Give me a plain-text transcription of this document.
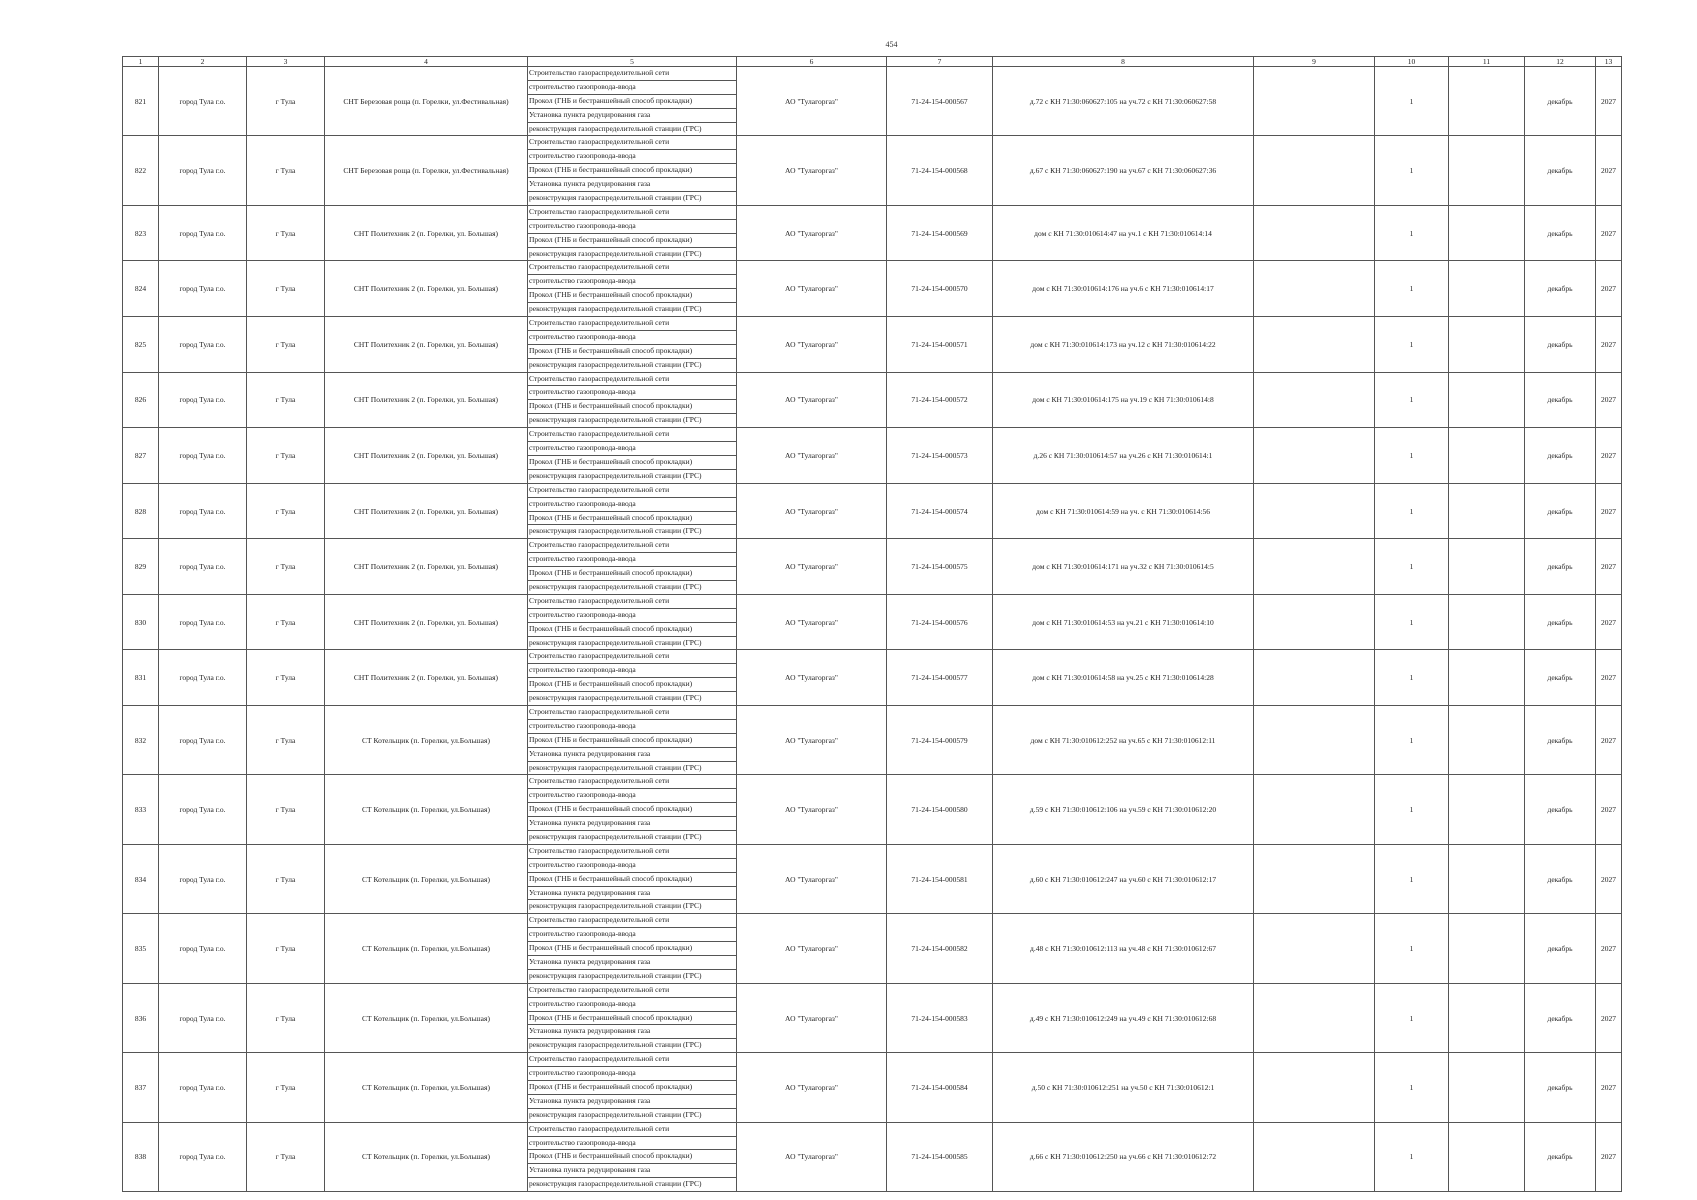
454
1	2	3	4	5	6	7	8	9	10	11	12	13
821	город Тула г.о.	г Тула	СНТ Березовая роща (п. Горелки, ул.Фестивальная)	Строительство газораспределительной сети
строительство газопровода-ввода
Прокол (ГНБ и бестраншейный способ прокладки)
Установка пункта редуцирования газа
реконструкция газораспределительной станции (ГРС)	АО "Тулагоргаз"	71-24-154-000567	д.72 с КН 71:30:060627:105 на уч.72 с КН 71:30:060627:58		1		декабрь	2027
822	город Тула г.о.	г Тула	СНТ Березовая роща (п. Горелки, ул.Фестивальная)	Строительство газораспределительной сети
строительство газопровода-ввода
Прокол (ГНБ и бестраншейный способ прокладки)
Установка пункта редуцирования газа
реконструкция газораспределительной станции (ГРС)	АО "Тулагоргаз"	71-24-154-000568	д.67 с КН 71:30:060627:190 на уч.67 с КН 71:30:060627:36		1		декабрь	2027
823	город Тула г.о.	г Тула	СНТ Политехник 2 (п. Горелки, ул. Большая)	Строительство газораспределительной сети
строительство газопровода-ввода
Прокол (ГНБ и бестраншейный способ прокладки)
реконструкция газораспределительной станции (ГРС)	АО "Тулагоргаз"	71-24-154-000569	дом с КН 71:30:010614:47 на уч.1 с КН 71:30:010614:14		1		декабрь	2027
824	город Тула г.о.	г Тула	СНТ Политехник 2 (п. Горелки, ул. Большая)	Строительство газораспределительной сети
строительство газопровода-ввода
Прокол (ГНБ и бестраншейный способ прокладки)
реконструкция газораспределительной станции (ГРС)	АО "Тулагоргаз"	71-24-154-000570	дом с КН 71:30:010614:176 на уч.6 с КН 71:30:010614:17		1		декабрь	2027
825	город Тула г.о.	г Тула	СНТ Политехник 2 (п. Горелки, ул. Большая)	Строительство газораспределительной сети
строительство газопровода-ввода
Прокол (ГНБ и бестраншейный способ прокладки)
реконструкция газораспределительной станции (ГРС)	АО "Тулагоргаз"	71-24-154-000571	дом с КН 71:30:010614:173 на уч.12 с КН 71:30:010614:22		1		декабрь	2027
826	город Тула г.о.	г Тула	СНТ Политехник 2 (п. Горелки, ул. Большая)	Строительство газораспределительной сети
строительство газопровода-ввода
Прокол (ГНБ и бестраншейный способ прокладки)
реконструкция газораспределительной станции (ГРС)	АО "Тулагоргаз"	71-24-154-000572	дом с КН 71:30:010614:175 на уч.19 с КН 71:30:010614:8		1		декабрь	2027
827	город Тула г.о.	г Тула	СНТ Политехник 2 (п. Горелки, ул. Большая)	Строительство газораспределительной сети
строительство газопровода-ввода
Прокол (ГНБ и бестраншейный способ прокладки)
реконструкция газораспределительной станции (ГРС)	АО "Тулагоргаз"	71-24-154-000573	д.26 с КН 71:30:010614:57 на уч.26 с КН 71:30:010614:1		1		декабрь	2027
828	город Тула г.о.	г Тула	СНТ Политехник 2 (п. Горелки, ул. Большая)	Строительство газораспределительной сети
строительство газопровода-ввода
Прокол (ГНБ и бестраншейный способ прокладки)
реконструкция газораспределительной станции (ГРС)	АО "Тулагоргаз"	71-24-154-000574	дом с КН 71:30:010614:59 на уч. с КН 71:30:010614:56		1		декабрь	2027
829	город Тула г.о.	г Тула	СНТ Политехник 2 (п. Горелки, ул. Большая)	Строительство газораспределительной сети
строительство газопровода-ввода
Прокол (ГНБ и бестраншейный способ прокладки)
реконструкция газораспределительной станции (ГРС)	АО "Тулагоргаз"	71-24-154-000575	дом с КН 71:30:010614:171 на уч.32 с КН 71:30:010614:5		1		декабрь	2027
830	город Тула г.о.	г Тула	СНТ Политехник 2 (п. Горелки, ул. Большая)	Строительство газораспределительной сети
строительство газопровода-ввода
Прокол (ГНБ и бестраншейный способ прокладки)
реконструкция газораспределительной станции (ГРС)	АО "Тулагоргаз"	71-24-154-000576	дом с КН 71:30:010614:53 на уч.21 с КН 71:30:010614:10		1		декабрь	2027
831	город Тула г.о.	г Тула	СНТ Политехник 2 (п. Горелки, ул. Большая)	Строительство газораспределительной сети
строительство газопровода-ввода
Прокол (ГНБ и бестраншейный способ прокладки)
реконструкция газораспределительной станции (ГРС)	АО "Тулагоргаз"	71-24-154-000577	дом с КН 71:30:010614:58 на уч.25 с КН 71:30:010614:28		1		декабрь	2027
832	город Тула г.о.	г Тула	СТ Котельщик (п. Горелки, ул.Большая)	Строительство газораспределительной сети
строительство газопровода-ввода
Прокол (ГНБ и бестраншейный способ прокладки)
Установка пункта редуцирования газа
реконструкция газораспределительной станции (ГРС)	АО "Тулагоргаз"	71-24-154-000579	дом с КН 71:30:010612:252 на уч.65 с КН 71:30:010612:11		1		декабрь	2027
833	город Тула г.о.	г Тула	СТ Котельщик (п. Горелки, ул.Большая)	Строительство газораспределительной сети
строительство газопровода-ввода
Прокол (ГНБ и бестраншейный способ прокладки)
Установка пункта редуцирования газа
реконструкция газораспределительной станции (ГРС)	АО "Тулагоргаз"	71-24-154-000580	д.59 с КН 71:30:010612:106 на уч.59 с КН 71:30:010612:20		1		декабрь	2027
834	город Тула г.о.	г Тула	СТ Котельщик (п. Горелки, ул.Большая)	Строительство газораспределительной сети
строительство газопровода-ввода
Прокол (ГНБ и бестраншейный способ прокладки)
Установка пункта редуцирования газа
реконструкция газораспределительной станции (ГРС)	АО "Тулагоргаз"	71-24-154-000581	д.60 с КН 71:30:010612:247 на уч.60 с КН 71:30:010612:17		1		декабрь	2027
835	город Тула г.о.	г Тула	СТ Котельщик (п. Горелки, ул.Большая)	Строительство газораспределительной сети
строительство газопровода-ввода
Прокол (ГНБ и бестраншейный способ прокладки)
Установка пункта редуцирования газа
реконструкция газораспределительной станции (ГРС)	АО "Тулагоргаз"	71-24-154-000582	д.48 с КН 71:30:010612:113 на уч.48 с КН 71:30:010612:67		1		декабрь	2027
836	город Тула г.о.	г Тула	СТ Котельщик (п. Горелки, ул.Большая)	Строительство газораспределительной сети
строительство газопровода-ввода
Прокол (ГНБ и бестраншейный способ прокладки)
Установка пункта редуцирования газа
реконструкция газораспределительной станции (ГРС)	АО "Тулагоргаз"	71-24-154-000583	д.49 с КН 71:30:010612:249 на уч.49 с КН 71:30:010612:68		1		декабрь	2027
837	город Тула г.о.	г Тула	СТ Котельщик (п. Горелки, ул.Большая)	Строительство газораспределительной сети
строительство газопровода-ввода
Прокол (ГНБ и бестраншейный способ прокладки)
Установка пункта редуцирования газа
реконструкция газораспределительной станции (ГРС)	АО "Тулагоргаз"	71-24-154-000584	д.50 с КН 71:30:010612:251 на уч.50 с КН 71:30:010612:1		1		декабрь	2027
838	город Тула г.о.	г Тула	СТ Котельщик (п. Горелки, ул.Большая)	Строительство газораспределительной сети
строительство газопровода-ввода
Прокол (ГНБ и бестраншейный способ прокладки)
Установка пункта редуцирования газа
реконструкция газораспределительной станции (ГРС)	АО "Тулагоргаз"	71-24-154-000585	д.66 с КН 71:30:010612:250 на уч.66 с КН 71:30:010612:72		1		декабрь	2027
